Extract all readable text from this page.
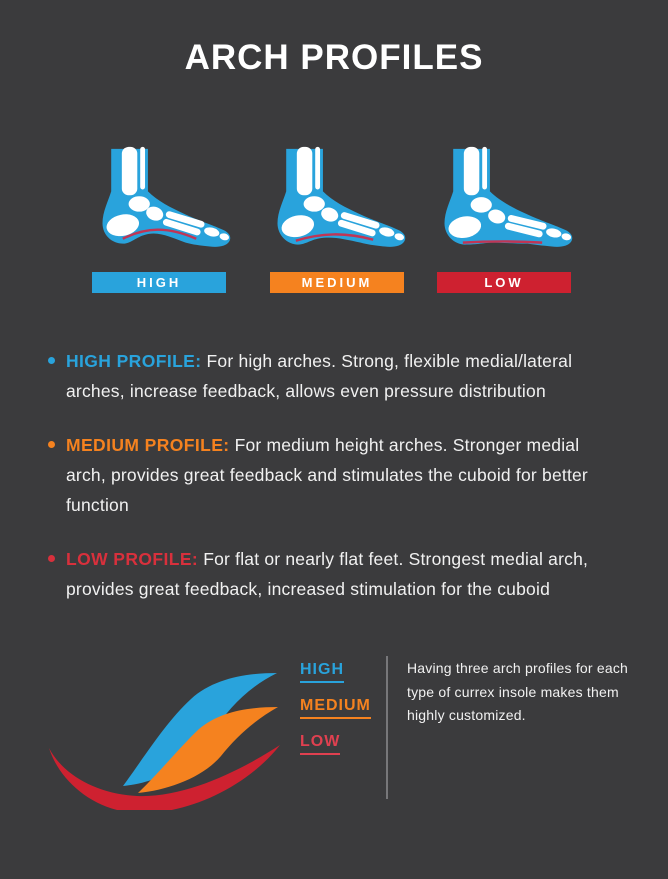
ARCH PROFILES
HIGH	MEDIUM	LOW

HIGH PROFILE: For high arches. Strong, flexible medial/lateral arches, increase feedback, allows even pressure distribution

MEDIUM PROFILE: For medium height arches. Stronger medial arch, provides great feedback and stimulates the cuboid for better function

LOW PROFILE: For flat or nearly flat feet. Strongest medial arch, provides great feedback, increased stimulation for the cuboid

HIGH
MEDIUM
LOW

Having three arch profiles for each type of currex insole makes them highly customized.
